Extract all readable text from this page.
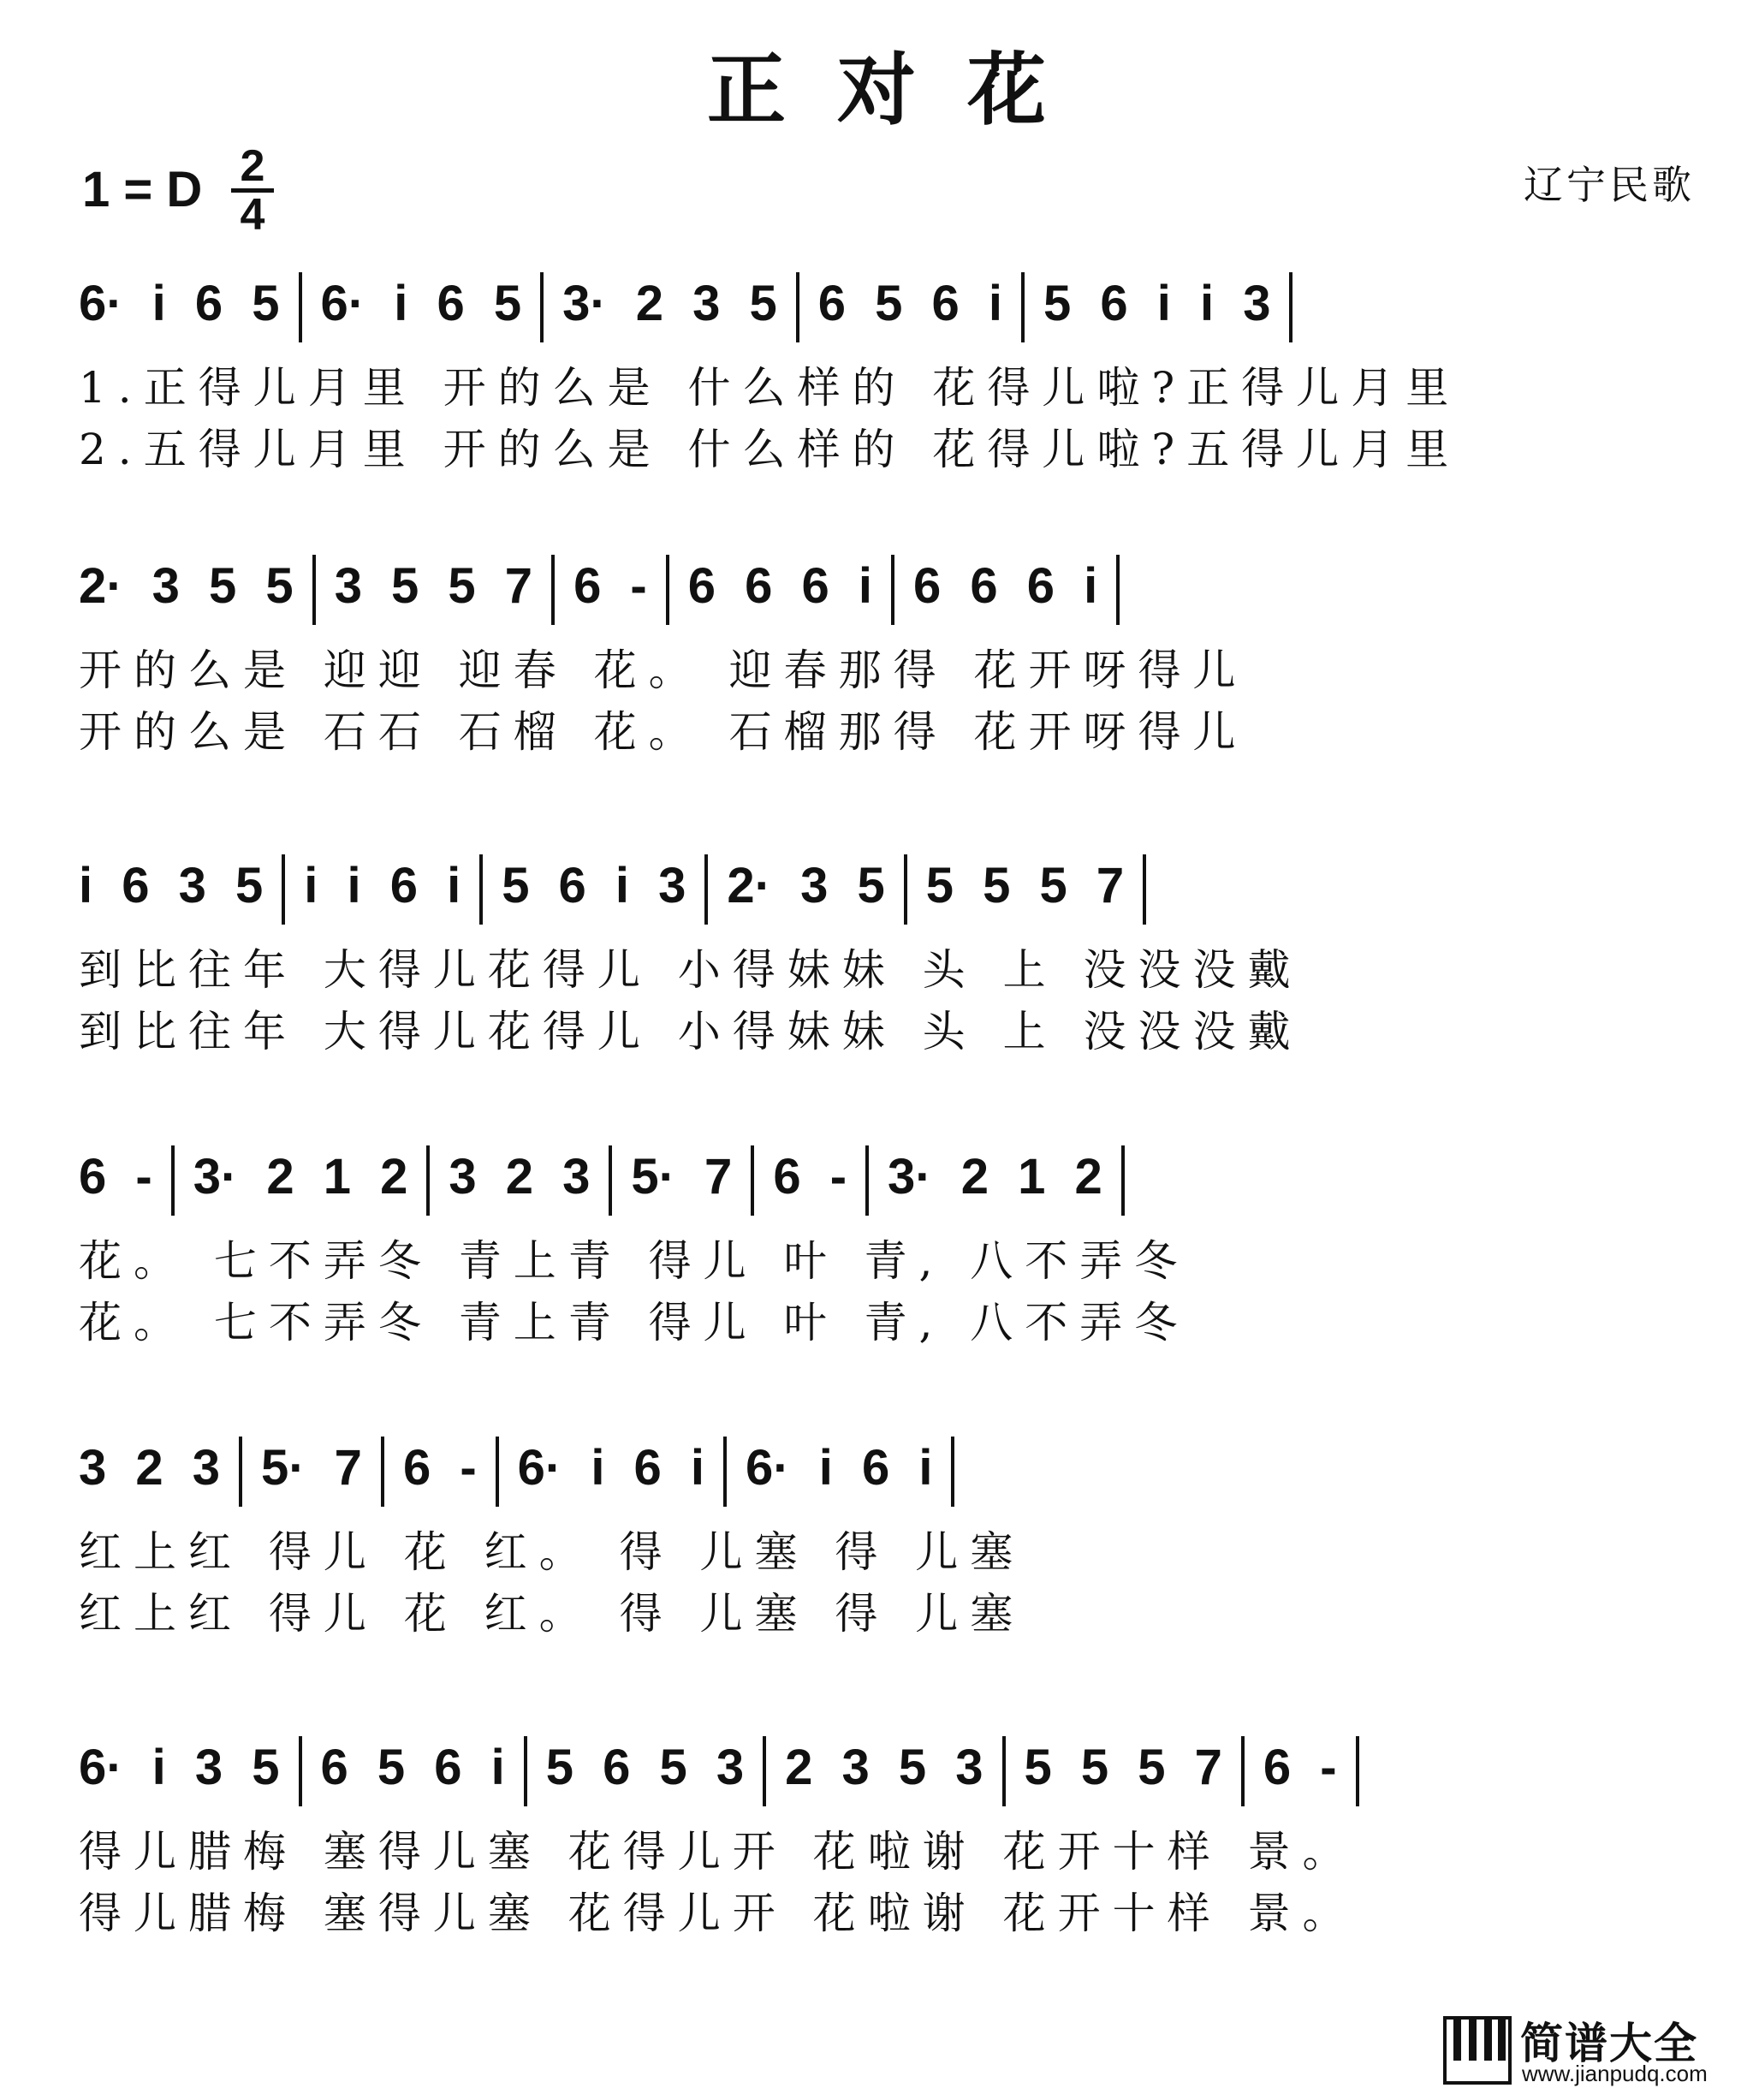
正对花
1 = D 2
4
辽宁民歌
6· i 6 5 6· i 6 5 3· 2 3 5 6 5 6 i 5 6 i i 3
1.正得儿月里 开的么是 什么样的 花得儿啦?正得儿月里
2.五得儿月里 开的么是 什么样的 花得儿啦?五得儿月里
2· 3 5 5 3 5 5 7 6 - 6 6 6 i 6 6 6 i
开的么是 迎迎 迎春 花。 迎春那得 花开呀得儿
开的么是 石石 石榴 花。 石榴那得 花开呀得儿
i 6 3 5 i i 6 i 5 6 i 3 2· 3 5 5 5 5 7
到比往年 大得儿花得儿 小得妹妹 头 上 没没没戴
到比往年 大得儿花得儿 小得妹妹 头 上 没没没戴
6 - 3· 2 1 2 3 2 3 5· 7 6 - 3· 2 1 2
花。 七不弄冬 青上青 得儿 叶 青, 八不弄冬
花。 七不弄冬 青上青 得儿 叶 青, 八不弄冬
3 2 3 5· 7 6 - 6· i 6 i 6· i 6 i
红上红 得儿 花 红。 得 儿塞 得 儿塞
红上红 得儿 花 红。 得 儿塞 得 儿塞
6· i 3 5 6 5 6 i 5 6 5 3 2 3 5 3 5 5 5 7 6 -
得儿腊梅 塞得儿塞 花得儿开 花啦谢 花开十样 景。
得儿腊梅 塞得儿塞 花得儿开 花啦谢 花开十样 景。
简谱大全
www.jianpudq.com
